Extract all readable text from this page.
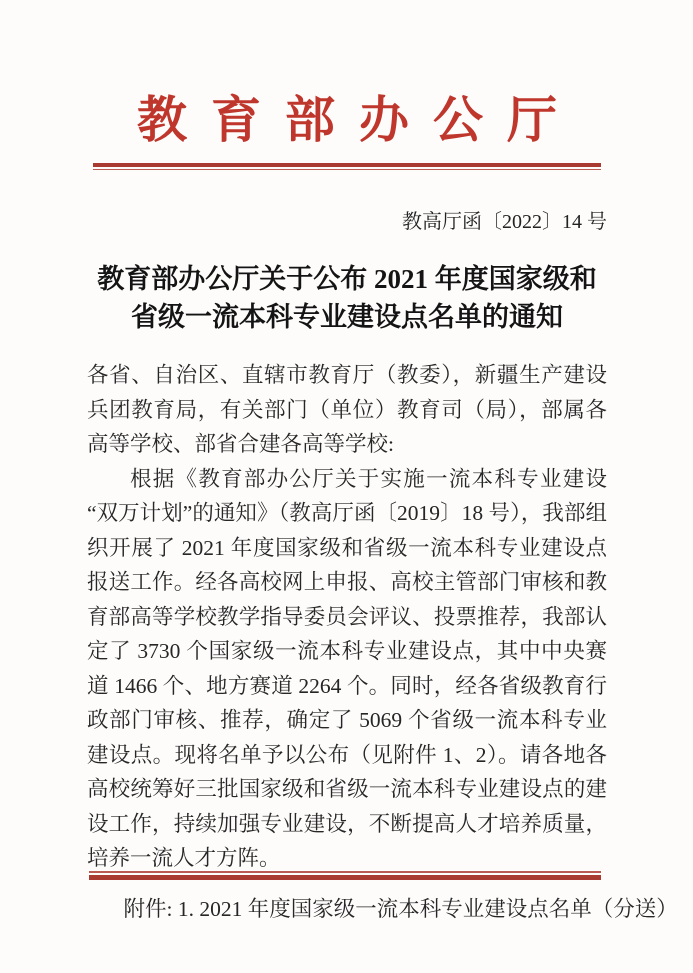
教育部办公厅
教高厅函〔2022〕14 号
教育部办公厅关于公布 2021 年度国家级和
省级一流本科专业建设点名单的通知

各省、自治区、直辖市教育厅（教委），新疆生产建设兵团教育局，有关部门（单位）教育司（局），部属各高等学校、部省合建各高等学校:

根据《教育部办公厅关于实施一流本科专业建设“双万计划”的通知》（教高厅函〔2019〕18 号），我部组织开展了 2021 年度国家级和省级一流本科专业建设点报送工作。经各高校网上申报、高校主管部门审核和教育部高等学校教学指导委员会评议、投票推荐，我部认定了 3730 个国家级一流本科专业建设点，其中中央赛道 1466 个、地方赛道 2264 个。同时，经各省级教育行政部门审核、推荐，确定了 5069 个省级一流本科专业建设点。现将名单予以公布（见附件 1、2）。请各地各高校统筹好三批国家级和省级一流本科专业建设点的建设工作，持续加强专业建设，不断提高人才培养质量，培养一流人才方阵。

附件: 1. 2021 年度国家级一流本科专业建设点名单（分送）
